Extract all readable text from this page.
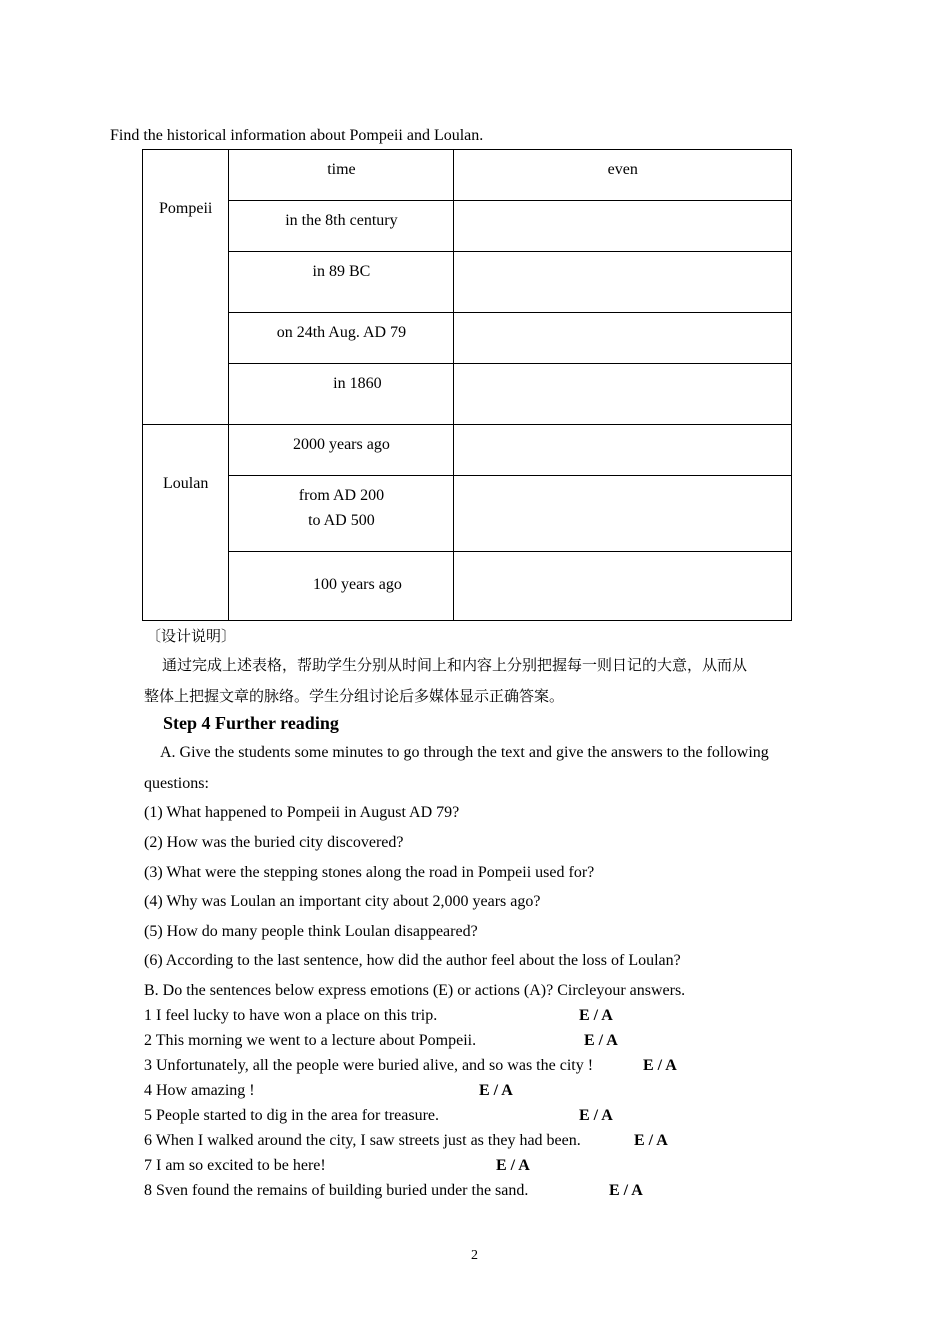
Find the historical information about Pompeii and Loulan.
Pompeii	time	even
	in the 8th century	
	in 89 BC	
	on 24th Aug. AD 79	
	in 1860	
Loulan	2000 years ago	

	from AD 200
to AD 500	

	100 years ago	
〔设计说明〕
通过完成上述表格，帮助学生分别从时间上和内容上分别把握每一则日记的大意，从而从
整体上把握文章的脉络。学生分组讨论后多媒体显示正确答案。
Step 4 Further reading
A. Give the students some minutes to go through the text and give the answers to the following
questions:
(1) What happened to Pompeii in August AD 79?
(2) How was the buried city discovered?
(3) What were the stepping stones along the road in Pompeii used for?
(4) Why was Loulan an important city about 2,000 years ago?
(5) How do many people think Loulan disappeared?
(6) According to the last sentence, how did the author feel about the loss of Loulan?
B. Do the sentences below express emotions (E) or actions (A)? Circleyour answers.
1 I feel lucky to have won a place on this trip.	E / A
2 This morning we went to a lecture about Pompeii.	E / A
3 Unfortunately, all the people were buried alive, and so was the city !	E / A
4 How amazing !	E / A
5 People started to dig in the area for treasure.	E / A
6 When I walked around the city, I saw streets just as they had been.	E / A
7 I am so excited to be here!	E / A
8 Sven found the remains of building buried under the sand.	E / A
2
